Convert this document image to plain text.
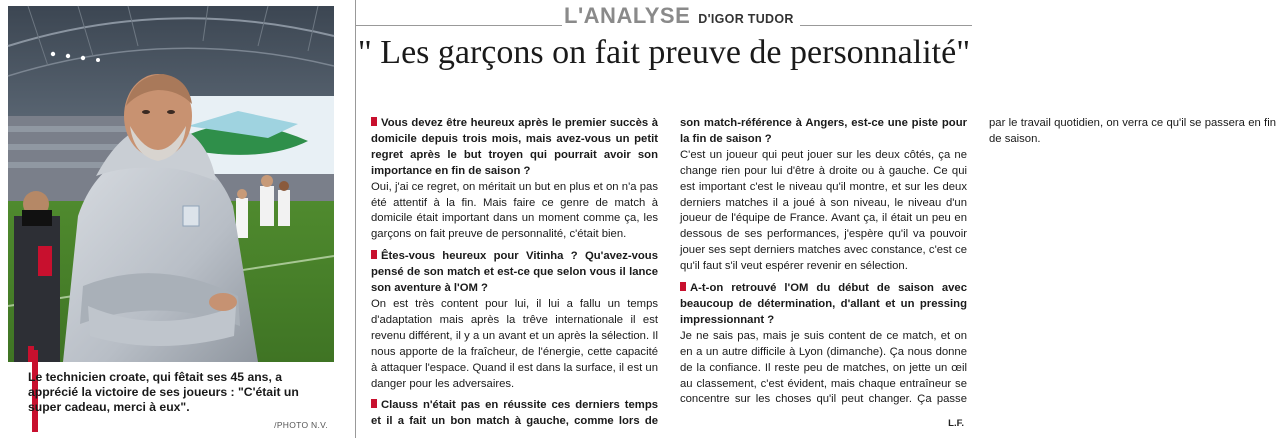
Le technicien croate, qui fêtait ses 45 ans, a apprécié la victoire de ses joueurs : "C'était un super cadeau, merci à eux".
/PHOTO N.V.
L'ANALYSE D'IGOR TUDOR
" Les garçons on fait preuve de personnalité"
Vous devez être heureux après le premier succès à domicile depuis trois mois, mais avez-vous un petit regret après le but troyen qui pourrait avoir son importance en fin de saison ?
Oui, j'ai ce regret, on méritait un but en plus et on n'a pas été attentif à la fin. Mais faire ce genre de match à domicile était important dans un moment comme ça, les garçons on fait preuve de personnalité, c'était bien.
Êtes-vous heureux pour Vitinha ? Qu'avez-vous pensé de son match et est-ce que selon vous il lance son aventure à l'OM ?
On est très content pour lui, il lui a fallu un temps d'adaptation mais après la trêve internationale il est revenu différent, il y a un avant et un après la sélection. Il nous apporte de la fraîcheur, de l'énergie, cette capacité à attaquer l'espace. Quand il est dans la surface, il est un danger pour les adversaires.
Clauss n'était pas en réussite ces derniers temps et il a fait un bon match à gauche, comme lors de son match-référence à Angers, est-ce une piste pour la fin de saison ?
C'est un joueur qui peut jouer sur les deux côtés, ça ne change rien pour lui d'être à droite ou à gauche. Ce qui est important c'est le niveau qu'il montre, et sur les deux derniers matches il a joué à son niveau, le niveau d'un joueur de l'équipe de France. Avant ça, il était un peu en dessous de ses performances, j'espère qu'il va pouvoir jouer ses sept derniers matches avec constance, c'est ce qu'il faut s'il veut espérer revenir en sélection.
A-t-on retrouvé l'OM du début de saison avec beaucoup de détermination, d'allant et un pressing impressionnant ?
Je ne sais pas, mais je suis content de ce match, et on en a un autre difficile à Lyon (dimanche). Ça nous donne de la confiance. Il reste peu de matches, on jette un œil au classement, c'est évident, mais chaque entraîneur se concentre sur les choses qu'il peut changer. Ça passe par le travail quotidien, on verra ce qu'il se passera en fin de saison.
L.F.
